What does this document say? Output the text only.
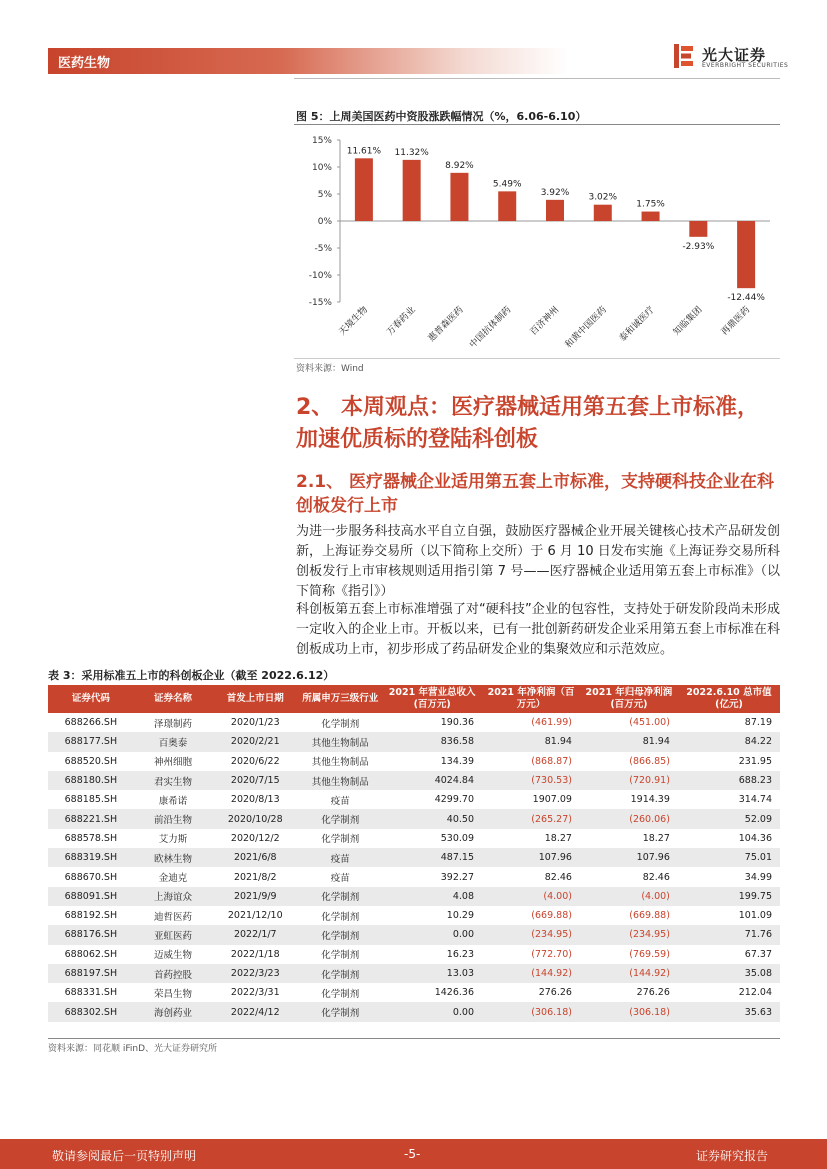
医药生物	光大证券
EVERBRIGHT SECURITIES
图 5：上周美国医药中资股涨跌幅情况（%，6.06-6.10）
15%
10%
5%
0%
-5%
-10%
-15%
11.61%
天境生物
11.32%
万春药业
8.92%
惠普森医药
5.49%
中国抗体制药
3.92%
百济神州
3.02%
和黄中国医药
1.75%
泰和诚医疗
-2.93%
知临集团
-12.44%
再鼎医药
资料来源：Wind
2、 本周观点：医疗器械适用第五套上市标准，加速优质标的登陆科创板
2.1、 医疗器械企业适用第五套上市标准，支持硬科技企业在科创板发行上市
为进一步服务科技高水平自立自强，鼓励医疗器械企业开展关键核心技术产品研发创新，上海证券交易所（以下简称上交所）于 6 月 10 日发布实施《上海证券交易所科创板发行上市审核规则适用指引第 7 号——医疗器械企业适用第五套上市标准》（以下简称《指引》）
科创板第五套上市标准增强了对“硬科技”企业的包容性，支持处于研发阶段尚未形成一定收入的企业上市。开板以来，已有一批创新药研发企业采用第五套上市标准在科创板成功上市，初步形成了药品研发企业的集聚效应和示范效应。
表 3：采用标准五上市的科创板企业（截至 2022.6.12）
证券代码	证券名称	首发上市日期	所属申万三级行业	2021 年营业总收入 (百万元)	2021 年净利润（百万元）	2021 年归母净利润 (百万元)	2022.6.10 总市值 (亿元)
688266.SH	泽璟制药	2020/1/23	化学制剂	190.36	(461.99)	(451.00)	87.19
688177.SH	百奥泰	2020/2/21	其他生物制品	836.58	81.94	81.94	84.22
688520.SH	神州细胞	2020/6/22	其他生物制品	134.39	(868.87)	(866.85)	231.95
688180.SH	君实生物	2020/7/15	其他生物制品	4024.84	(730.53)	(720.91)	688.23
688185.SH	康希诺	2020/8/13	疫苗	4299.70	1907.09	1914.39	314.74
688221.SH	前沿生物	2020/10/28	化学制剂	40.50	(265.27)	(260.06)	52.09
688578.SH	艾力斯	2020/12/2	化学制剂	530.09	18.27	18.27	104.36
688319.SH	欧林生物	2021/6/8	疫苗	487.15	107.96	107.96	75.01
688670.SH	金迪克	2021/8/2	疫苗	392.27	82.46	82.46	34.99
688091.SH	上海谊众	2021/9/9	化学制剂	4.08	(4.00)	(4.00)	199.75
688192.SH	迪哲医药	2021/12/10	化学制剂	10.29	(669.88)	(669.88)	101.09
688176.SH	亚虹医药	2022/1/7	化学制剂	0.00	(234.95)	(234.95)	71.76
688062.SH	迈威生物	2022/1/18	化学制剂	16.23	(772.70)	(769.59)	67.37
688197.SH	首药控股	2022/3/23	化学制剂	13.03	(144.92)	(144.92)	35.08
688331.SH	荣昌生物	2022/3/31	化学制剂	1426.36	276.26	276.26	212.04
688302.SH	海创药业	2022/4/12	化学制剂	0.00	(306.18)	(306.18)	35.63
资料来源：同花顺 iFinD、光大证券研究所
敬请参阅最后一页特别声明	-5-	证券研究报告
